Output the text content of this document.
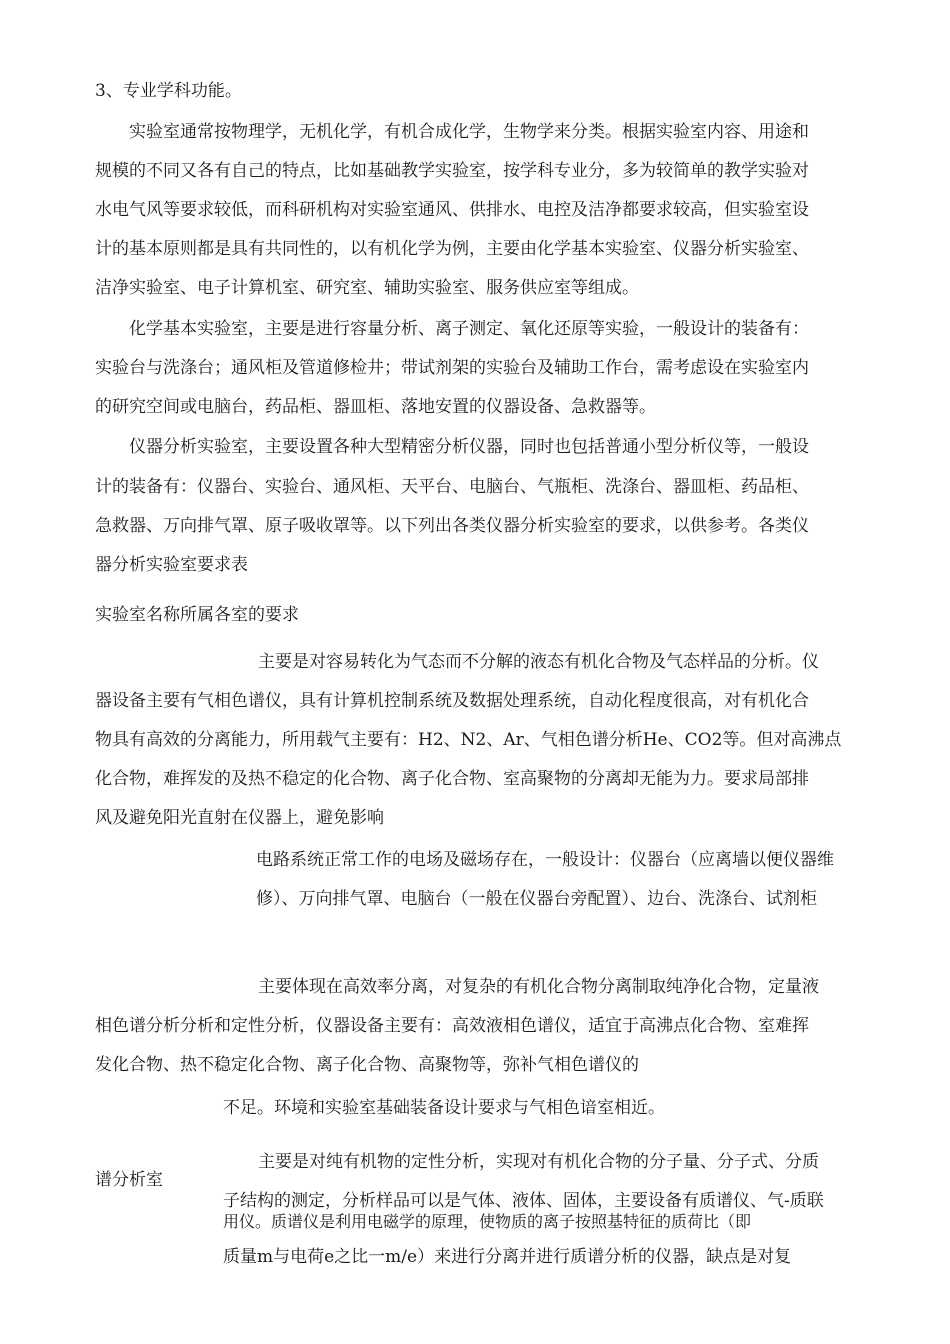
3、专业学科功能。

实验室通常按物理学，无机化学，有机合成化学，生物学来分类。根据实验室内容、用途和

规模的不同又各有自己的特点，比如基础教学实验室，按学科专业分，多为较简单的教学实验对

水电气风等要求较低，而科研机构对实验室通风、供排水、电控及洁净都要求较高，但实验室设

计的基本原则都是具有共同性的，以有机化学为例，主要由化学基本实验室、仪器分析实验室、

洁净实验室、电子计算机室、研究室、辅助实验室、服务供应室等组成。

化学基本实验室，主要是进行容量分析、离子测定、氧化还原等实验，一般设计的装备有：

实验台与洗涤台；通风柜及管道修检井；带试剂架的实验台及辅助工作台，需考虑设在实验室内

的研究空间或电脑台，药品柜、器皿柜、落地安置的仪器设备、急救器等。

仪器分析实验室，主要设置各种大型精密分析仪器，同时也包括普通小型分析仪等，一般设

计的装备有：仪器台、实验台、通风柜、天平台、电脑台、气瓶柜、洗涤台、器皿柜、药品柜、

急救器、万向排气罩、原子吸收罩等。以下列出各类仪器分析实验室的要求，以供参考。各类仪

器分析实验室要求表

实验室名称所属各室的要求

主要是对容易转化为气态而不分解的液态有机化合物及气态样品的分析。仪

器设备主要有气相色谱仪，具有计算机控制系统及数据处理系统，自动化程度很高，对有机化合

物具有高效的分离能力，所用载气主要有：H2、N2、Ar、气相色谱分析He、CO2等。但对高沸点

化合物，难挥发的及热不稳定的化合物、离子化合物、室高聚物的分离却无能为力。要求局部排

风及避免阳光直射在仪器上，避免影响

电路系统正常工作的电场及磁场存在，一般设计：仪器台（应离墙以便仪器维

修）、万向排气罩、电脑台（一般在仪器台旁配置）、边台、洗涤台、试剂柜

主要体现在高效率分离，对复杂的有机化合物分离制取纯净化合物，定量液

相色谱分析分析和定性分析，仪器设备主要有：高效液相色谱仪，适宜于高沸点化合物、室难挥

发化合物、热不稳定化合物、离子化合物、高聚物等，弥补气相色谱仪的

不足。环境和实验室基础装备设计要求与气相色谙室相近。

谱分析室

主要是对纯有机物的定性分析，实现对有机化合物的分子量、分子式、分质

子结构的测定，分析样品可以是气体、液体、固体，主要设备有质谱仪、气-质联

用仪。质谱仪是利用电磁学的原理，使物质的离子按照基特征的质荷比（即

质量m与电荷e之比一m/e）来进行分离并进行质谱分析的仪器，缺点是对复
